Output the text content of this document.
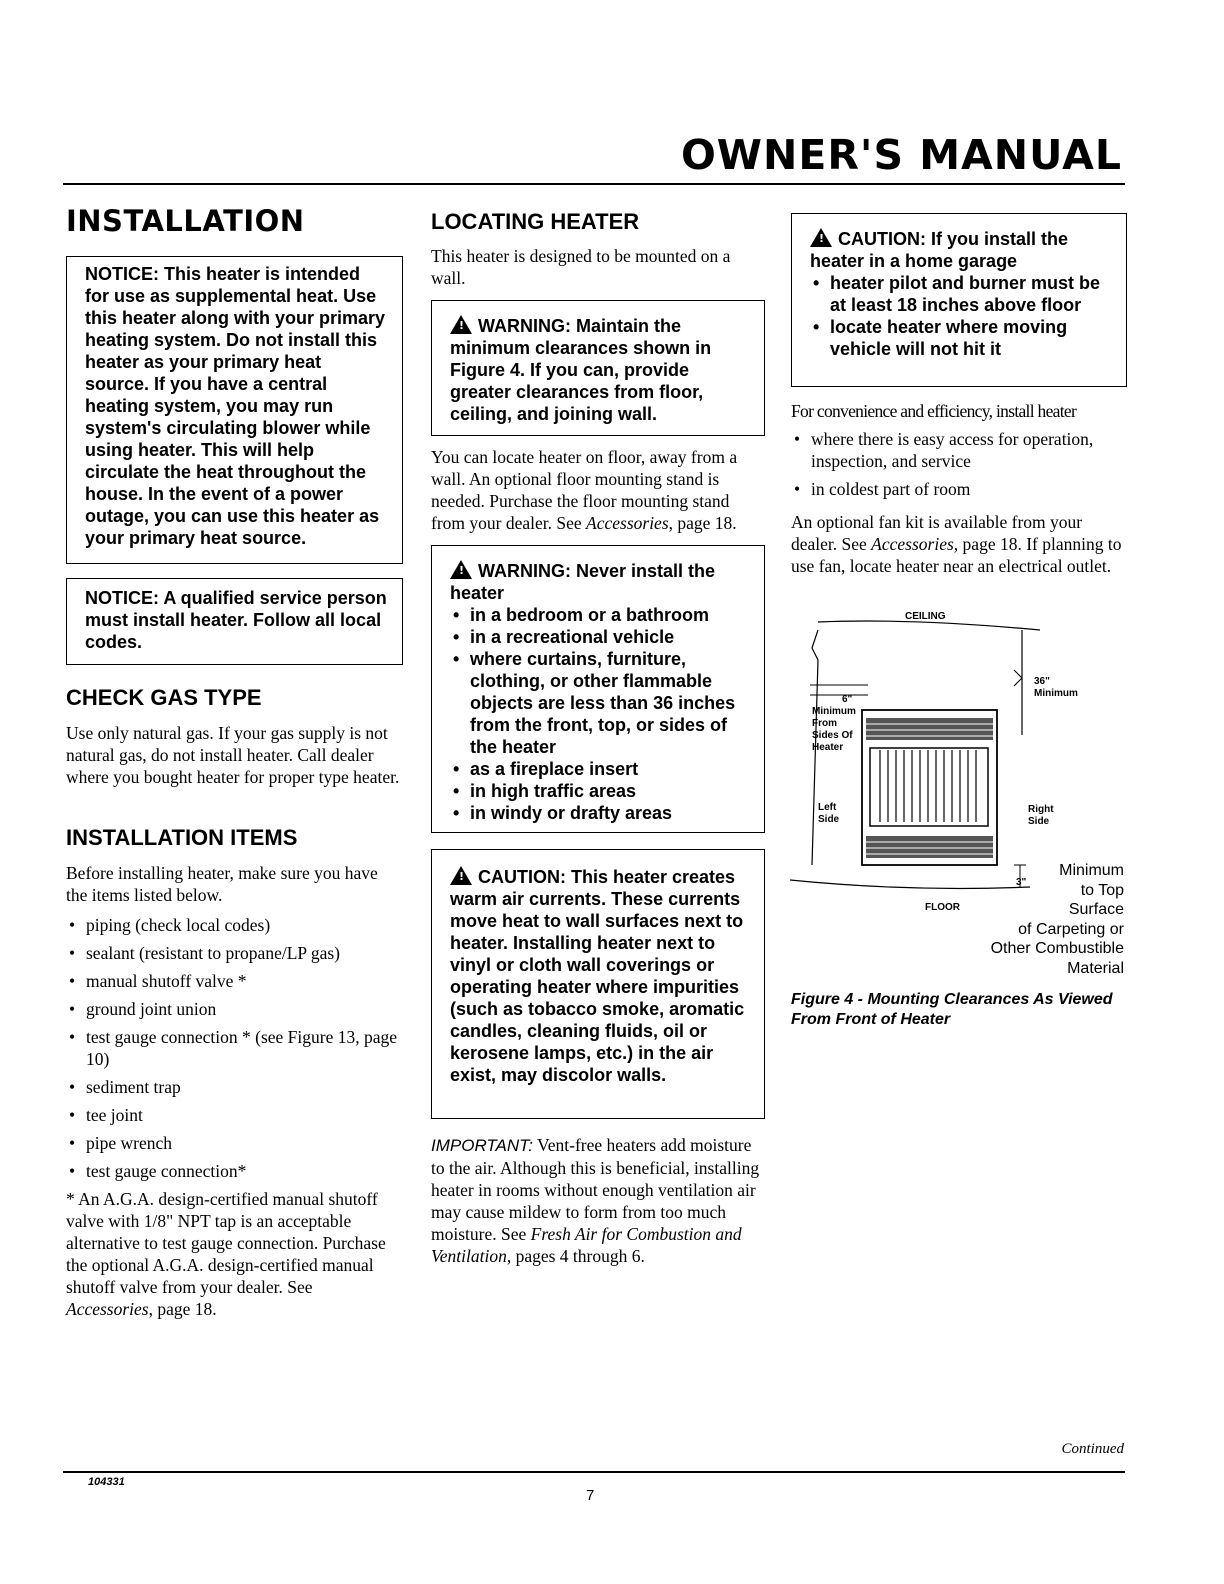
OWNER'S MANUAL
INSTALLATION
NOTICE: This heater is intended for use as supplemental heat. Use this heater along with your primary heating system. Do not install this heater as your primary heat source. If you have a central heating system, you may run system's circulating blower while using heater. This will help circulate the heat throughout the house. In the event of a power outage, you can use this heater as your primary heat source.
NOTICE: A qualified service person must install heater. Follow all local codes.
CHECK GAS TYPE
Use only natural gas. If your gas supply is not natural gas, do not install heater. Call dealer where you bought heater for proper type heater.
INSTALLATION ITEMS
Before installing heater, make sure you have the items listed below.
• piping (check local codes)
• sealant (resistant to propane/LP gas)
• manual shutoff valve *
• ground joint union
• test gauge connection * (see Figure 13, page 10)
• sediment trap
• tee joint
• pipe wrench
• test gauge connection*
* An A.G.A. design-certified manual shutoff valve with 1/8" NPT tap is an acceptable alternative to test gauge connection. Purchase the optional A.G.A. design-certified manual shutoff valve from your dealer. See Accessories, page 18.
LOCATING HEATER
This heater is designed to be mounted on a wall.
! WARNING: Maintain the minimum clearances shown in Figure 4. If you can, provide greater clearances from floor, ceiling, and joining wall.
You can locate heater on floor, away from a wall. An optional floor mounting stand is needed. Purchase the floor mounting stand from your dealer. See Accessories, page 18.
! WARNING: Never install the heater
• in a bedroom or a bathroom
• in a recreational vehicle
• where curtains, furniture, clothing, or other flammable objects are less than 36 inches from the front, top, or sides of the heater
• as a fireplace insert
• in high traffic areas
• in windy or drafty areas
! CAUTION: This heater creates warm air currents. These currents move heat to wall surfaces next to heater. Installing heater next to vinyl or cloth wall coverings or operating heater where impurities (such as tobacco smoke, aromatic candles, cleaning fluids, oil or kerosene lamps, etc.) in the air exist, may discolor walls.
IMPORTANT: Vent-free heaters add moisture to the air. Although this is beneficial, installing heater in rooms without enough ventilation air may cause mildew to form from too much moisture. See Fresh Air for Combustion and Ventilation, pages 4 through 6.
! CAUTION: If you install the heater in a home garage
• heater pilot and burner must be at least 18 inches above floor
• locate heater where moving vehicle will not hit it
For convenience and efficiency, install heater
• where there is easy access for operation, inspection, and service
• in coldest part of room
An optional fan kit is available from your dealer. See Accessories, page 18. If planning to use fan, locate heater near an electrical outlet.
CEILING
36"
Minimum
6"
Minimum
From
Sides Of
Heater
Left
Side
Right
Side
FLOOR
3"
Minimum
to Top
Surface
of Carpeting or
Other Combustible
Material
Figure 4 - Mounting Clearances As Viewed From Front of Heater
Continued
104331
7
